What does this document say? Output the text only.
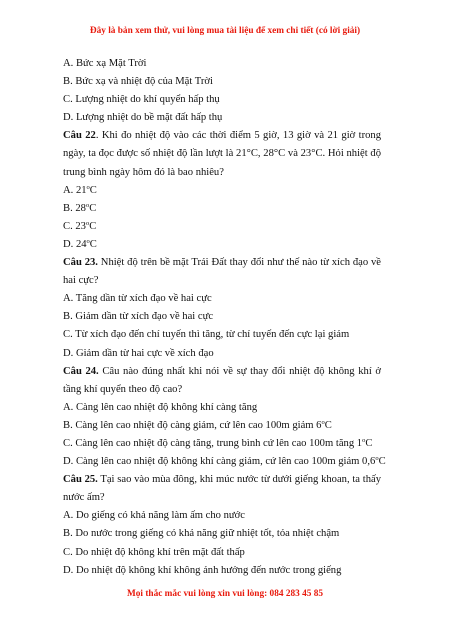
Đây là bản xem thử, vui lòng mua tài liệu để xem chi tiết (có lời giải)
A. Bức xạ Mặt Trời
B. Bức xạ và nhiệt độ của Mặt Trời
C. Lượng nhiệt do khí quyển hấp thụ
D. Lượng nhiệt do bề mặt đất hấp thụ
Câu 22. Khi đo nhiệt độ vào các thời điểm 5 giờ, 13 giờ và 21 giờ trong ngày, ta đọc được số nhiệt độ lần lượt là 21°C, 28°C và 23°C. Hỏi nhiệt độ trung bình ngày hôm đó là bao nhiêu?
A. 21$^o$C
B. 28$^o$C
C. 23$^o$C
D. 24$^o$C
Câu 23. Nhiệt độ trên bề mặt Trái Đất thay đổi như thế nào từ xích đạo về hai cực?
A. Tăng dần từ xích đạo về hai cực
B. Giảm dần từ xích đạo về hai cực
C. Từ xích đạo đến chí tuyến thì tăng, từ chí tuyến đến cực lại giảm
D. Giảm dần từ hai cực về xích đạo
Câu 24. Câu nào đúng nhất khi nói về sự thay đổi nhiệt độ không khí ở tầng khí quyển theo độ cao?
A. Càng lên cao nhiệt độ không khí càng tăng
B. Càng lên cao nhiệt độ càng giảm, cứ lên cao 100m giảm 6$^o$C
C. Càng lên cao nhiệt độ càng tăng, trung bình cứ lên cao 100m tăng 1$^o$C
D. Càng lên cao nhiệt độ không khí càng giảm, cứ lên cao 100m giảm 0,6$^o$C
Câu 25. Tại sao vào mùa đông, khi múc nước từ dưới giếng khoan, ta thấy nước ấm?
A. Do giếng có khả năng làm ấm cho nước
B. Do nước trong giếng có khả năng giữ nhiệt tốt, tỏa nhiệt chậm
C. Do nhiệt độ không khí trên mặt đất thấp
D. Do nhiệt độ không khí không ảnh hưởng đến nước trong giếng
Mọi thắc mắc vui lòng xin vui lòng: 084 283 45 85
